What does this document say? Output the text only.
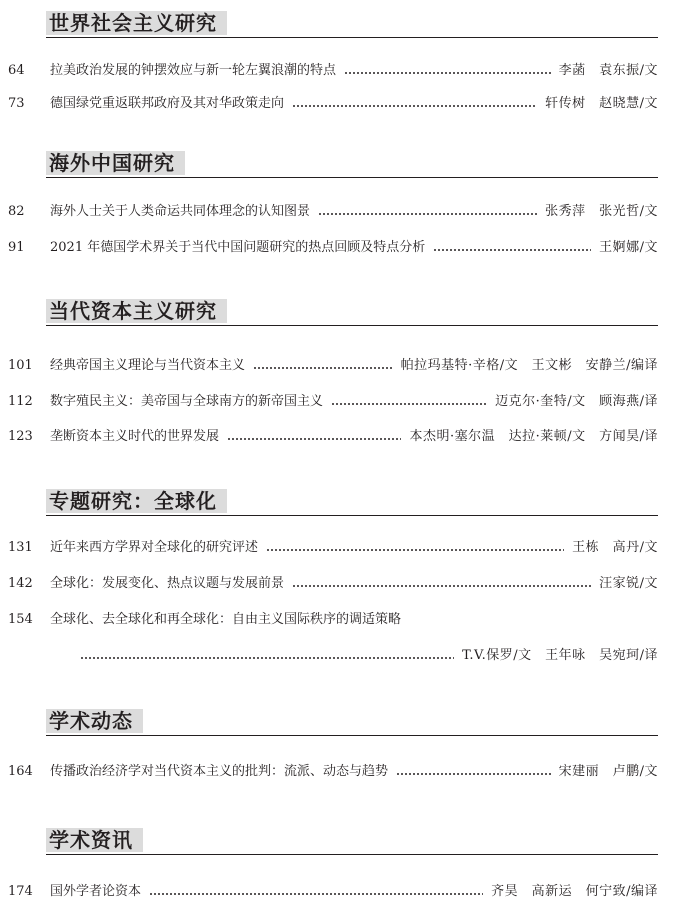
世界社会主义研究
64	拉美政治发展的钟摆效应与新一轮左翼浪潮的特点	李菡　袁东振/文
73	德国绿党重返联邦政府及其对华政策走向	轩传树　赵晓慧/文
海外中国研究
82	海外人士关于人类命运共同体理念的认知图景	张秀萍　张光哲/文
91	2021 年德国学术界关于当代中国问题研究的热点回顾及特点分析	王婀娜/文
当代资本主义研究
101	经典帝国主义理论与当代资本主义	帕拉玛基特·辛格/文　王文彬　安静兰/编译
112	数字殖民主义：美帝国与全球南方的新帝国主义	迈克尔·奎特/文　顾海燕/译
123	垄断资本主义时代的世界发展	本杰明·塞尔温　达拉·莱顿/文　方闻昊/译
专题研究：全球化
131	近年来西方学界对全球化的研究评述	王栋　高丹/文
142	全球化：发展变化、热点议题与发展前景	汪家锐/文
154	全球化、去全球化和再全球化：自由主义国际秩序的调适策略
T.V.保罗/文　王年咏　吴宛珂/译
学术动态
164	传播政治经济学对当代资本主义的批判：流派、动态与趋势	宋建丽　卢鹏/文
学术资讯
174	国外学者论资本	齐昊　高新运　何宁致/编译
